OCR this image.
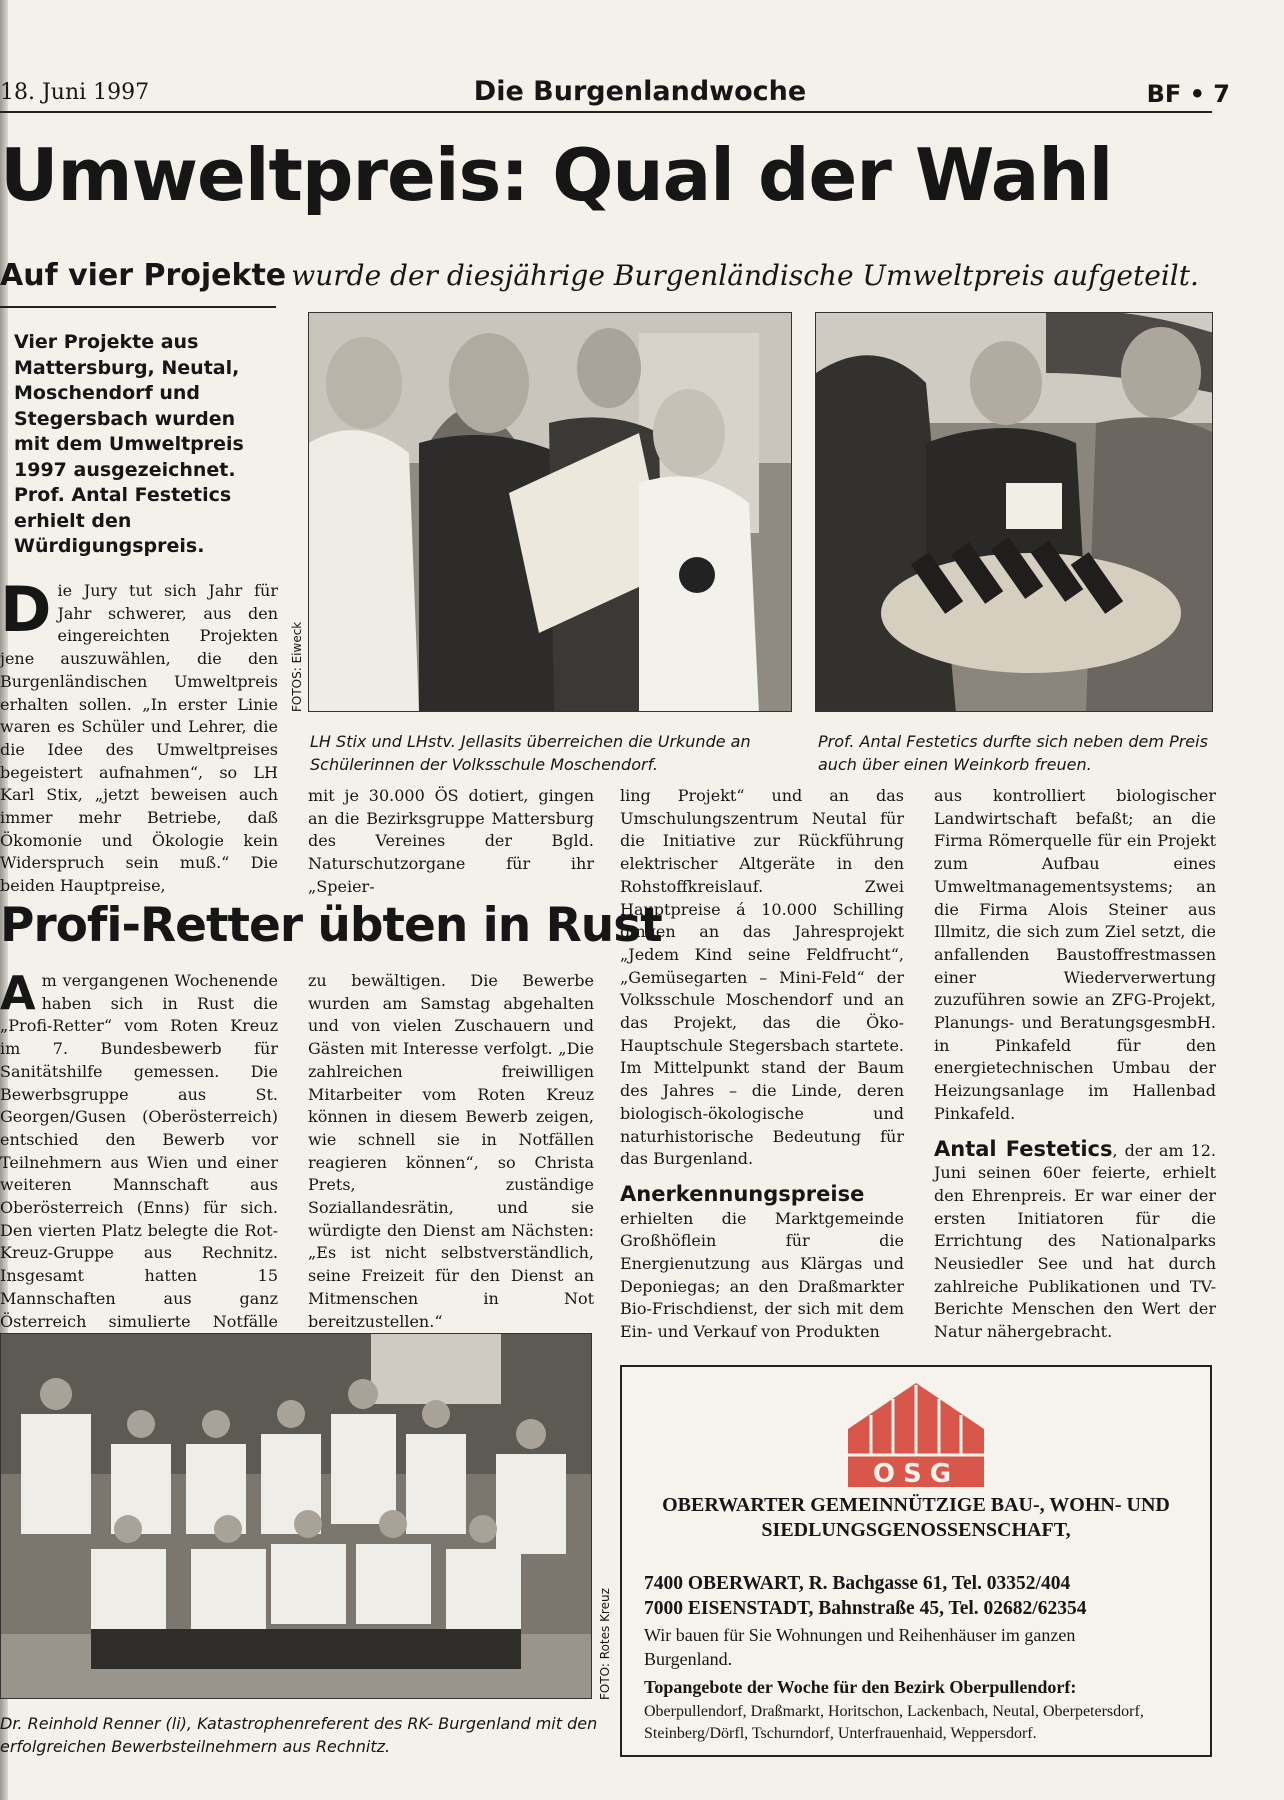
18. Juni 1997	Die Burgenlandwoche	BF • 7
Umweltpreis: Qual der Wahl
Auf vier Projekte wurde der diesjährige Burgenländische Umweltpreis aufgeteilt.
Vier Projekte aus Mattersburg, Neutal, Moschendorf und Stegersbach wurden mit dem Umweltpreis 1997 ausgezeichnet. Prof. Antal Festetics erhielt den Würdigungspreis.
D ie Jury tut sich Jahr für Jahr schwerer, aus den eingereichten Projekten jene auszuwählen, die den Burgenländischen Umweltpreis erhalten sollen. „In erster Linie waren es Schüler und Lehrer, die die Idee des Umweltpreises begeistert aufnahmen“, so LH Karl Stix, „jetzt beweisen auch immer mehr Betriebe, daß Ökomonie und Ökologie kein Widerspruch sein muß.“ Die beiden Hauptpreise,
FOTOS: Eiweck
LH Stix und LHstv. Jellasits überreichen die Urkunde an Schülerinnen der Volksschule Moschendorf.
Prof. Antal Festetics durfte sich neben dem Preis auch über einen Weinkorb freuen.
mit je 30.000 ÖS dotiert, gingen an die Bezirksgruppe Mattersburg des Vereines der Bgld. Naturschutzorgane für ihr „Speier-

ling Projekt“ und an das Umschulungszentrum Neutal für die Initiative zur Rückführung elektrischer Altgeräte in den Rohstoffkreislauf. Zwei Hauptpreise á 10.000 Schilling gingen an das Jahresprojekt „Jedem Kind seine Feldfrucht“, „Gemüsegarten – Mini-Feld“ der Volksschule Moschendorf und an das Projekt, das die Öko-Hauptschule Stegersbach startete. Im Mittelpunkt stand der Baum des Jahres – die Linde, deren biologisch-ökologische und naturhistorische Bedeutung für das Burgenland.

Anerkennungspreise erhielten die Marktgemeinde Großhöflein für die Energienutzung aus Klärgas und Deponiegas; an den Draßmarkter Bio-Frischdienst, der sich mit dem Ein- und Verkauf von Produkten

aus kontrolliert biologischer Landwirtschaft befaßt; an die Firma Römerquelle für ein Projekt zum Aufbau eines Umweltmanagementsystems; an die Firma Alois Steiner aus Illmitz, die sich zum Ziel setzt, die anfallenden Baustoffrestmassen einer Wiederverwertung zuzuführen sowie an ZFG-Projekt, Planungs- und BeratungsgesmbH. in Pinkafeld für den energietechnischen Umbau der Heizungsanlage im Hallenbad Pinkafeld.

Antal Festetics, der am 12. Juni seinen 60er feierte, erhielt den Ehrenpreis. Er war einer der ersten Initiatoren für die Errichtung des Nationalparks Neusiedler See und hat durch zahlreiche Publikationen und TV-Berichte Menschen den Wert der Natur nähergebracht.

Profi-Retter übten in Rust
A m vergangenen Wochenende haben sich in Rust die „Profi-Retter“ vom Roten Kreuz im 7. Bundesbewerb für Sanitätshilfe gemessen. Die Bewerbsgruppe aus St. Georgen/Gusen (Oberösterreich) entschied den Bewerb vor Teilnehmern aus Wien und einer weiteren Mannschaft aus Oberösterreich (Enns) für sich. Den vierten Platz belegte die Rot-Kreuz-Gruppe aus Rechnitz. Insgesamt hatten 15 Mannschaften aus ganz Österreich simulierte Notfälle
zu bewältigen. Die Bewerbe wurden am Samstag abgehalten und von vielen Zuschauern und Gästen mit Interesse verfolgt. „Die zahlreichen freiwilligen Mitarbeiter vom Roten Kreuz können in diesem Bewerb zeigen, wie schnell sie in Notfällen reagieren können“, so Christa Prets, zuständige Soziallandesrätin, und sie würdigte den Dienst am Nächsten: „Es ist nicht selbstverständlich, seine Freizeit für den Dienst an Mitmenschen in Not bereitzustellen.“
FOTO: Rotes Kreuz
Dr. Reinhold Renner (li), Katastrophenreferent des RK- Burgenland mit den erfolgreichen Bewerbsteilnehmern aus Rechnitz.
OSG
OBERWARTER GEMEINNÜTZIGE BAU-, WOHN- UND SIEDLUNGSGENOSSENSCHAFT,
7400 OBERWART, R. Bachgasse 61, Tel. 03352/404
7000 EISENSTADT, Bahnstraße 45, Tel. 02682/62354
Wir bauen für Sie Wohnungen und Reihenhäuser im ganzen Burgenland.
Topangebote der Woche für den Bezirk Oberpullendorf:
Oberpullendorf, Draßmarkt, Horitschon, Lackenbach, Neutal, Oberpetersdorf, Steinberg/Dörfl, Tschurndorf, Unterfrauenhaid, Weppersdorf.
